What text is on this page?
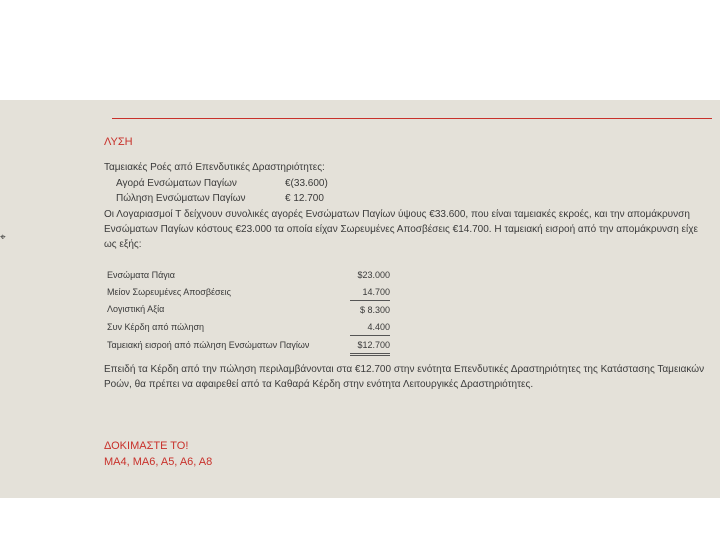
⌖
ΛΥΣΗ
Ταμειακές Ροές από Επενδυτικές Δραστηριότητες:
Αγορά Ενσώματων Παγίων	€(33.600)
Πώληση Ενσώματων Παγίων	€ 12.700
Οι Λογαριασμοί Τ δείχνουν συνολικές αγορές Ενσώματων Παγίων ύψους €33.600, που είναι ταμειακές εκροές, και την απομάκρυνση Ενσώματων Παγίων κόστους €23.000 τα οποία είχαν Σωρευμένες Αποσβέσεις €14.700. Η ταμειακή εισροή από την απομάκρυνση είχε ως εξής:
Ενσώματα Πάγια	$23.000
Μείον Σωρευμένες Αποσβέσεις	14.700
Λογιστική Αξία	$ 8.300
Συν Κέρδη από πώληση	4.400
Ταμειακή εισροή από πώληση Ενσώματων Παγίων	$12.700
Επειδή τα Κέρδη από την πώληση περιλαμβάνονται στα €12.700 στην ενότητα Επενδυτικές Δραστηριότητες της Κατάστασης Ταμειακών Ροών, θα πρέπει να αφαιρεθεί από τα Καθαρά Κέρδη στην ενότητα Λειτουργικές Δραστηριότητες.
ΔΟΚΙΜΑΣΤΕ ΤΟ!
ΜΑ4, ΜΑ6, Α5, Α6, Α8
